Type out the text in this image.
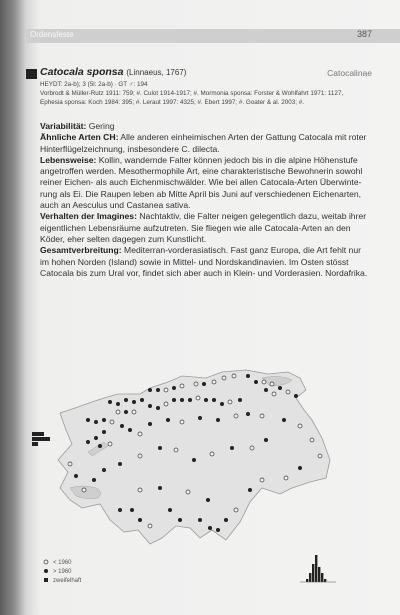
Ordensfeste	387
Catocala sponsa (Linnaeus, 1767)	Catocalinae
HEYDT: 2a-b); 3 (5l: 2a-b) · GT ♂: 194
Vorbrodt & Müller-Rutz 1911: 759; #. Culot 1914-1917; #. Mormonia sponsa: Forster & Wohlfahrt 1971: 1127,
Ephesia sponsa: Koch 1984: 395; #. Leraut 1997: 4325; #. Ebert 1997; #. Goater & al. 2003; #.
Variabilität: Gering
Ähnliche Arten CH: Alle anderen einheimischen Arten der Gattung Catocala mit roter
Hinterflügelzeichnung, insbesondere C. dilecta.
Lebensweise: Kollin, wandernde Falter können jedoch bis in die alpine Höhenstufe
angetroffen werden. Mesothermophile Art, eine charakteristische Bewohnerin sowohl
reiner Eichen- als auch Eichenmischwälder. Wie bei allen Catocala-Arten Überwinte-
rung als Ei. Die Raupen leben ab Mitte April bis Juni auf verschiedenen Eichenarten,
auch an Aesculus und Castanea sativa.
Verhalten der Imagines: Nachtaktiv, die Falter neigen gelegentlich dazu, weitab ihrer
eigentlichen Lebensräume aufzutreten. Sie fliegen wie alle Catocala-Arten an den
Köder, eher selten dagegen zum Kunstlicht.
Gesamtverbreitung: Mediterran-vorderasiatisch. Fast ganz Europa, die Art fehlt nur
im hohen Norden (Island) sowie in Mittel- und Nordskandinavien. Im Osten stösst
Catocala bis zum Ural vor, findet sich aber auch in Klein- und Vorderasien. Nordafrika.
< 1960
> 1960
zweifelhaft
